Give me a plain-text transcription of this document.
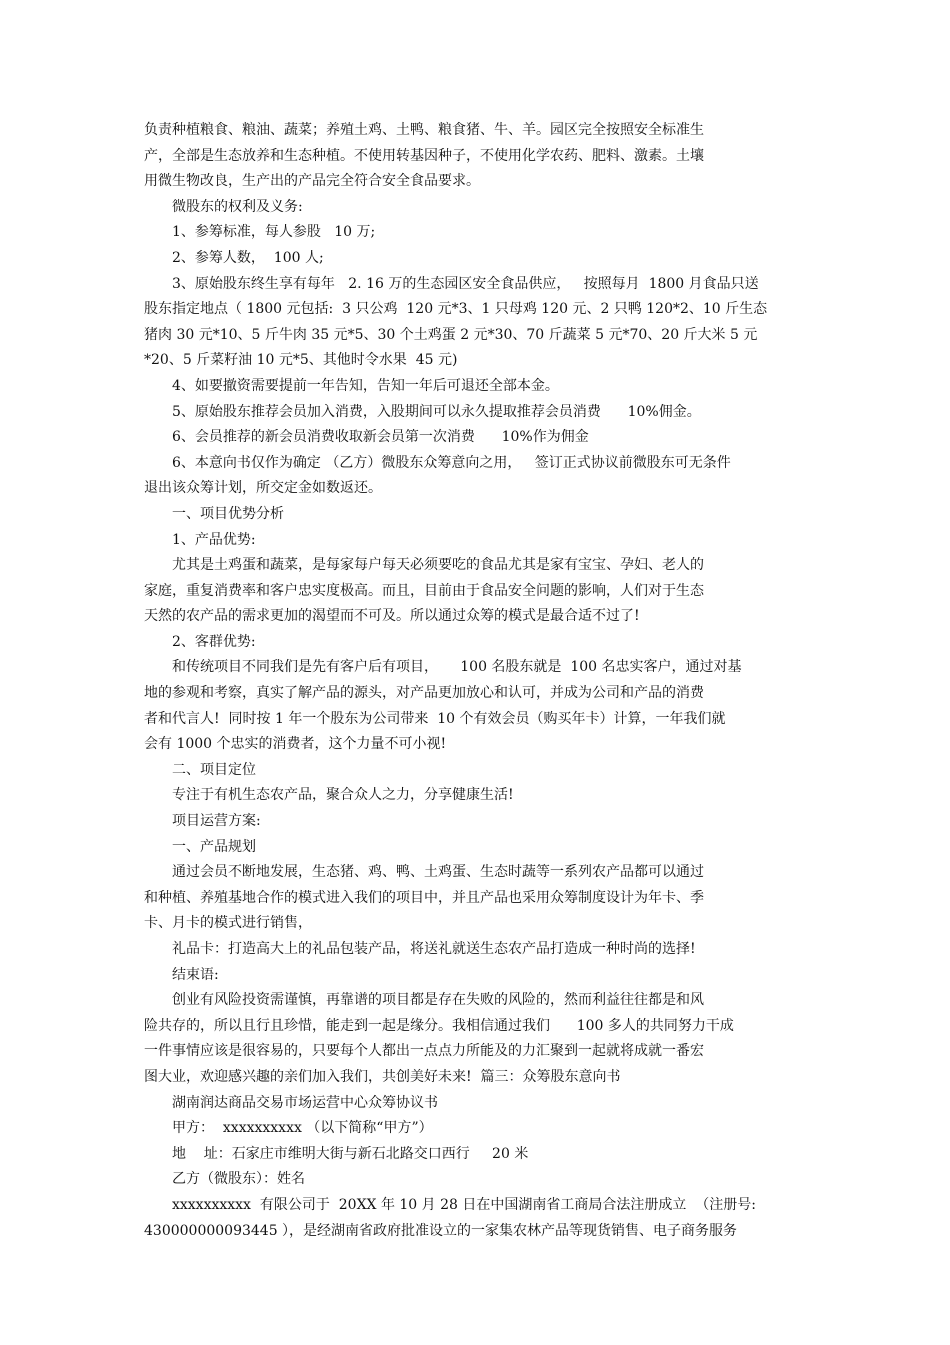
负责种植粮食、粮油、蔬菜；养殖土鸡、土鸭、粮食猪、牛、羊。园区完全按照安全标准生
产，全部是生态放养和生态种植。不使用转基因种子，不使用化学农药、肥料、激素。土壤
用微生物改良，生产出的产品完全符合安全食品要求。
微股东的权利及义务:
1、参筹标准，每人参股   10 万;
2、参筹人数，  100 人;
3、原始股东终生享有每年   2. 16 万的生态园区安全食品供应，   按照每月  1800 月食品只送
股东指定地点（ 1800 元包括:  3 只公鸡  120 元*3、1 只母鸡 120 元、2 只鸭 120*2、10 斤生态
猪肉 30 元*10、5 斤牛肉 35 元*5、30 个土鸡蛋 2 元*30、70 斤蔬菜 5 元*70、20 斤大米 5 元
*20、5 斤菜籽油 10 元*5、其他时令水果  45 元)
4、如要撤资需要提前一年告知，告知一年后可退还全部本金。
5、原始股东推荐会员加入消费，入股期间可以永久提取推荐会员消费      10%佣金。
6、会员推荐的新会员消费收取新会员第一次消费      10%作为佣金
6、本意向书仅作为确定 （乙方）微股东众筹意向之用，   签订正式协议前微股东可无条件
退出该众筹计划，所交定金如数返还。
一、项目优势分析
1、产品优势:
尤其是土鸡蛋和蔬菜，是每家每户每天必须要吃的食品尤其是家有宝宝、孕妇、老人的
家庭，重复消费率和客户忠实度极高。而且，目前由于食品安全问题的影响，人们对于生态
天然的农产品的需求更加的渴望而不可及。所以通过众筹的模式是最合适不过了!
2、客群优势:
和传统项目不同我们是先有客户后有项目，     100 名股东就是  100 名忠实客户，通过对基
地的参观和考察，真实了解产品的源头，对产品更加放心和认可，并成为公司和产品的消费
者和代言人!  同时按 1 年一个股东为公司带来  10 个有效会员（购买年卡）计算，一年我们就
会有 1000 个忠实的消费者，这个力量不可小视!
二、项目定位
专注于有机生态农产品，聚合众人之力，分享健康生活!
项目运营方案:
一、产品规划
通过会员不断地发展，生态猪、鸡、鸭、土鸡蛋、生态时蔬等一系列农产品都可以通过
和种植、养殖基地合作的模式进入我们的项目中，并且产品也采用众筹制度设计为年卡、季
卡、月卡的模式进行销售，
礼品卡：打造高大上的礼品包装产品，将送礼就送生态农产品打造成一种时尚的选择!
结束语:
创业有风险投资需谨慎，再靠谱的项目都是存在失败的风险的，然而利益往往都是和风
险共存的，所以且行且珍惜，能走到一起是缘分。我相信通过我们      100 多人的共同努力干成
一件事情应该是很容易的，只要每个人都出一点点力所能及的力汇聚到一起就将成就一番宏
图大业，欢迎感兴趣的亲们加入我们，共创美好未来!  篇三：众筹股东意向书
湖南润达商品交易市场运营中心众筹协议书
甲方：  xxxxxxxxxx （以下简称“甲方”）
地    址：石家庄市维明大街与新石北路交口西行     20 米
乙方（微股东）：姓名
xxxxxxxxxx  有限公司于  20XX 年 10 月 28 日在中国湖南省工商局合法注册成立  （注册号:
430000000093445 ），是经湖南省政府批准设立的一家集农林产品等现货销售、电子商务服务
